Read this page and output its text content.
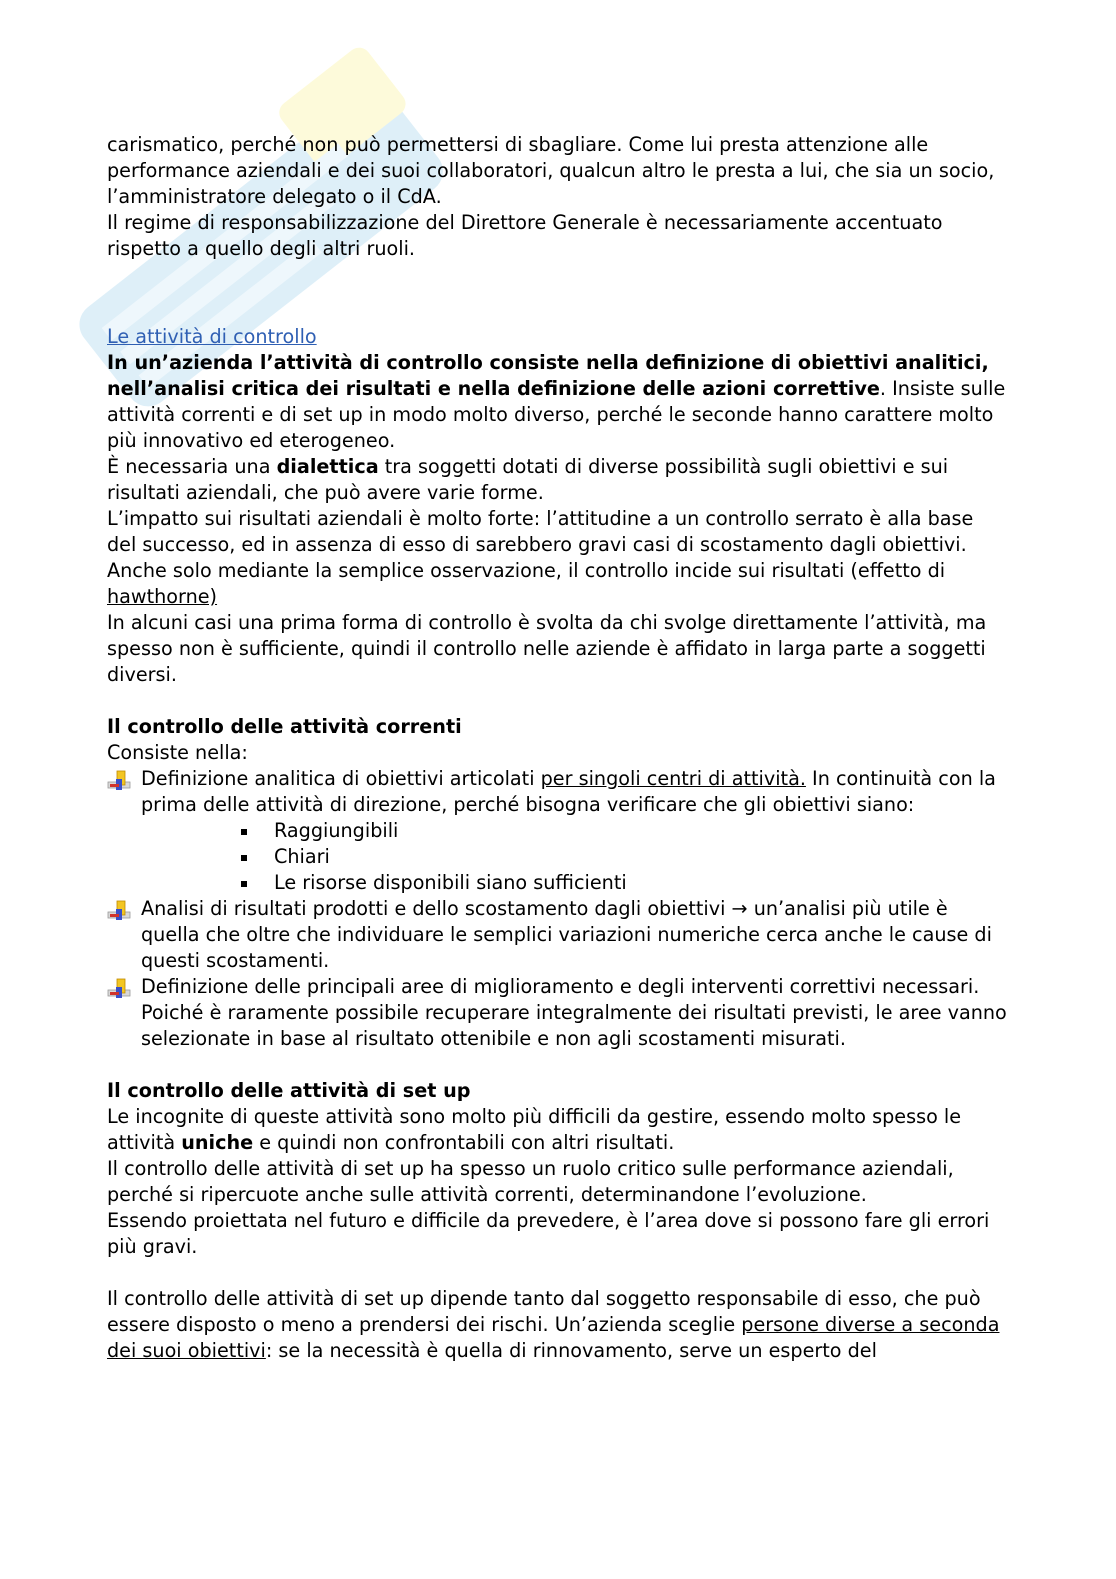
carismatico, perché non può permettersi di sbagliare. Come lui presta attenzione alle performance aziendali e dei suoi collaboratori, qualcun altro le presta a lui, che sia un socio, l’amministratore delegato o il CdA.

Il regime di responsabilizzazione del Direttore Generale è necessariamente accentuato rispetto a quello degli altri ruoli.

Le attività di controllo

In un’azienda l’attività di controllo consiste nella definizione di obiettivi analitici, nell’analisi critica dei risultati e nella definizione delle azioni correttive. Insiste sulle attività correnti e di set up in modo molto diverso, perché le seconde hanno carattere molto più innovativo ed eterogeneo.

È necessaria una dialettica tra soggetti dotati di diverse possibilità sugli obiettivi e sui risultati aziendali, che può avere varie forme.

L’impatto sui risultati aziendali è molto forte: l’attitudine a un controllo serrato è alla base del successo, ed in assenza di esso di sarebbero gravi casi di scostamento dagli obiettivi.

Anche solo mediante la semplice osservazione, il controllo incide sui risultati (effetto di hawthorne)

In alcuni casi una prima forma di controllo è svolta da chi svolge direttamente l’attività, ma spesso non è sufficiente, quindi il controllo nelle aziende è affidato in larga parte a soggetti diversi.

Il controllo delle attività correnti

Consiste nella:

Definizione analitica di obiettivi articolati per singoli centri di attività. In continuità con la prima delle attività di direzione, perché bisogna verificare che gli obiettivi siano:
Raggiungibili
Chiari
Le risorse disponibili siano sufficienti
Analisi di risultati prodotti e dello scostamento dagli obiettivi → un’analisi più utile è quella che oltre che individuare le semplici variazioni numeriche cerca anche le cause di questi scostamenti.
Definizione delle principali aree di miglioramento e degli interventi correttivi necessari.

Poiché è raramente possibile recuperare integralmente dei risultati previsti, le aree vanno selezionate in base al risultato ottenibile e non agli scostamenti misurati.

Il controllo delle attività di set up

Le incognite di queste attività sono molto più difficili da gestire, essendo molto spesso le attività uniche e quindi non confrontabili con altri risultati.

Il controllo delle attività di set up ha spesso un ruolo critico sulle performance aziendali, perché si ripercuote anche sulle attività correnti, determinandone l’evoluzione.

Essendo proiettata nel futuro e difficile da prevedere, è l’area dove si possono fare gli errori più gravi.

Il controllo delle attività di set up dipende tanto dal soggetto responsabile di esso, che può essere disposto o meno a prendersi dei rischi. Un’azienda sceglie persone diverse a seconda dei suoi obiettivi: se la necessità è quella di rinnovamento, serve un esperto del
